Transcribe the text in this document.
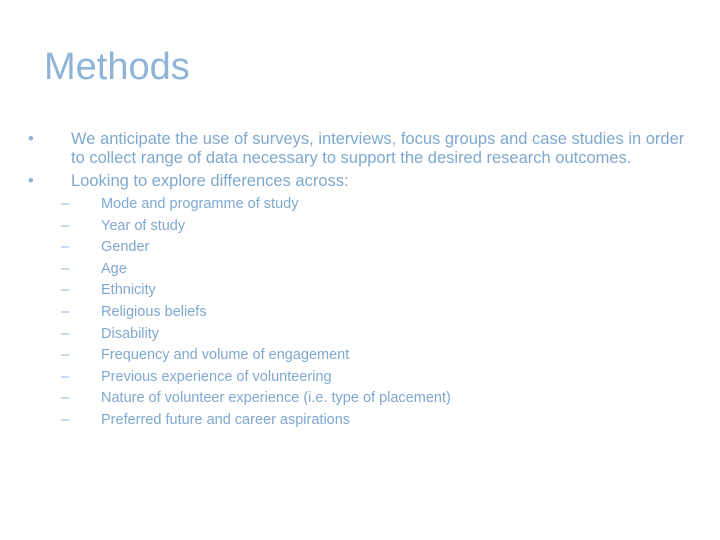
Methods
•	We anticipate the use of surveys, interviews, focus groups and case studies in order to collect range of data necessary to support the desired research outcomes.
•	Looking to explore differences across:
– Mode and programme of study
– Year of study
– Gender
– Age
– Ethnicity
– Religious beliefs
– Disability
– Frequency and volume of engagement
– Previous experience of volunteering
– Nature of volunteer experience (i.e. type of placement)
– Preferred future and career aspirations
